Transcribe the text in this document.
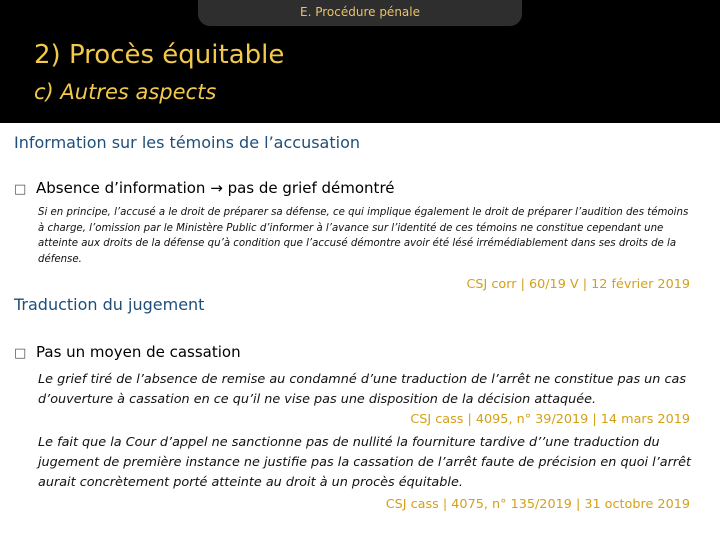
E. Procédure pénale
2) Procès équitable
c) Autres aspects
Information sur les témoins de l’accusation
□ Absence d’information → pas de grief démontré
Si en principe, l’accusé a le droit de préparer sa défense, ce qui implique également le droit de préparer l’audition des témoins à charge, l’omission par le Ministère Public d’informer à l’avance sur l’identité de ces témoins ne constitue cependant une atteinte aux droits de la défense qu’à condition que l’accusé démontre avoir été lésé irrémédiablement dans ses droits de la défense.
CSJ corr | 60/19 V | 12 février 2019
Traduction du jugement
□ Pas un moyen de cassation
Le grief tiré de l’absence de remise au condamné d’une traduction de l’arrêt ne constitue pas un cas d’ouverture à cassation en ce qu’il ne vise pas une disposition de la décision attaquée.
CSJ cass | 4095, n° 39/2019 | 14 mars 2019
Le fait que la Cour d’appel ne sanctionne pas de nullité la fourniture tardive d’’une traduction du jugement de première instance ne justifie pas la cassation de l’arrêt faute de précision en quoi l’arrêt aurait concrètement porté atteinte au droit à un procès équitable.
CSJ cass | 4075, n° 135/2019 | 31 octobre 2019
